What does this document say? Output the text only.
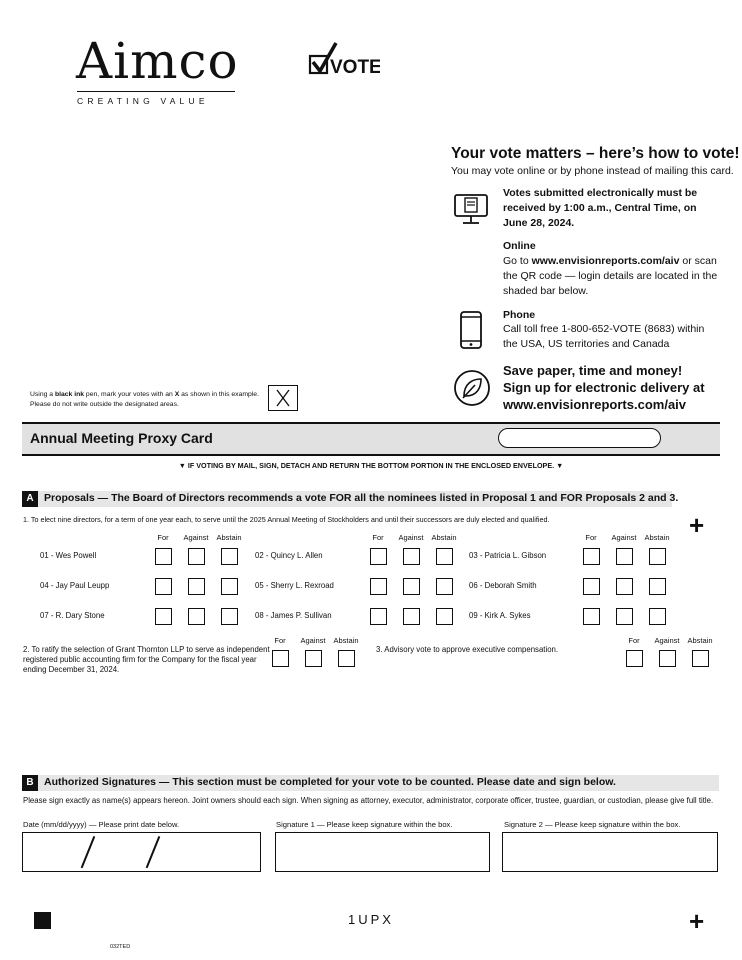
Aimco
CREATING VALUE
VOTE
Your vote matters – here’s how to vote!
You may vote online or by phone instead of mailing this card.
Votes submitted electronically must be received by 1:00 a.m., Central Time, on June 28, 2024.
Online
Go to www.envisionreports.com/aiv or scan the QR code — login details are located in the shaded bar below.
Phone
Call toll free 1-800-652-VOTE (8683) within the USA, US territories and Canada
Save paper, time and money!
Sign up for electronic delivery at
www.envisionreports.com/aiv
Using a black ink pen, mark your votes with an X as shown in this example.
Please do not write outside the designated areas.
Annual Meeting Proxy Card
▼ IF VOTING BY MAIL, SIGN, DETACH AND RETURN THE BOTTOM PORTION IN THE ENCLOSED ENVELOPE. ▼
A Proposals — The Board of Directors recommends a vote FOR all the nominees listed in Proposal 1 and FOR Proposals 2 and 3.
1. To elect nine directors, for a term of one year each, to serve until the 2025 Annual Meeting of Stockholders and until their successors are duly elected and qualified.	+
For	Against	Abstain	For	Against	Abstain	For	Against	Abstain
01 - Wes Powell	02 - Quincy L. Allen	03 - Patricia L. Gibson
04 - Jay Paul Leupp	05 - Sherry L. Rexroad	06 - Deborah Smith
07 - R. Dary Stone	08 - James P. Sullivan	09 - Kirk A. Sykes
For	Against	Abstain	For	Against	Abstain
2. To ratify the selection of Grant Thornton LLP to serve as independent registered public accounting firm for the Company for the fiscal year ending December 31, 2024.
3. Advisory vote to approve executive compensation.
B Authorized Signatures — This section must be completed for your vote to be counted. Please date and sign below.
Please sign exactly as name(s) appears hereon. Joint owners should each sign. When signing as attorney, executor, administrator, corporate officer, trustee, guardian, or custodian, please give full title.
Date (mm/dd/yyyy) — Please print date below.	Signature 1 — Please keep signature within the box.	Signature 2 — Please keep signature within the box.
1UPX	+
032TED
